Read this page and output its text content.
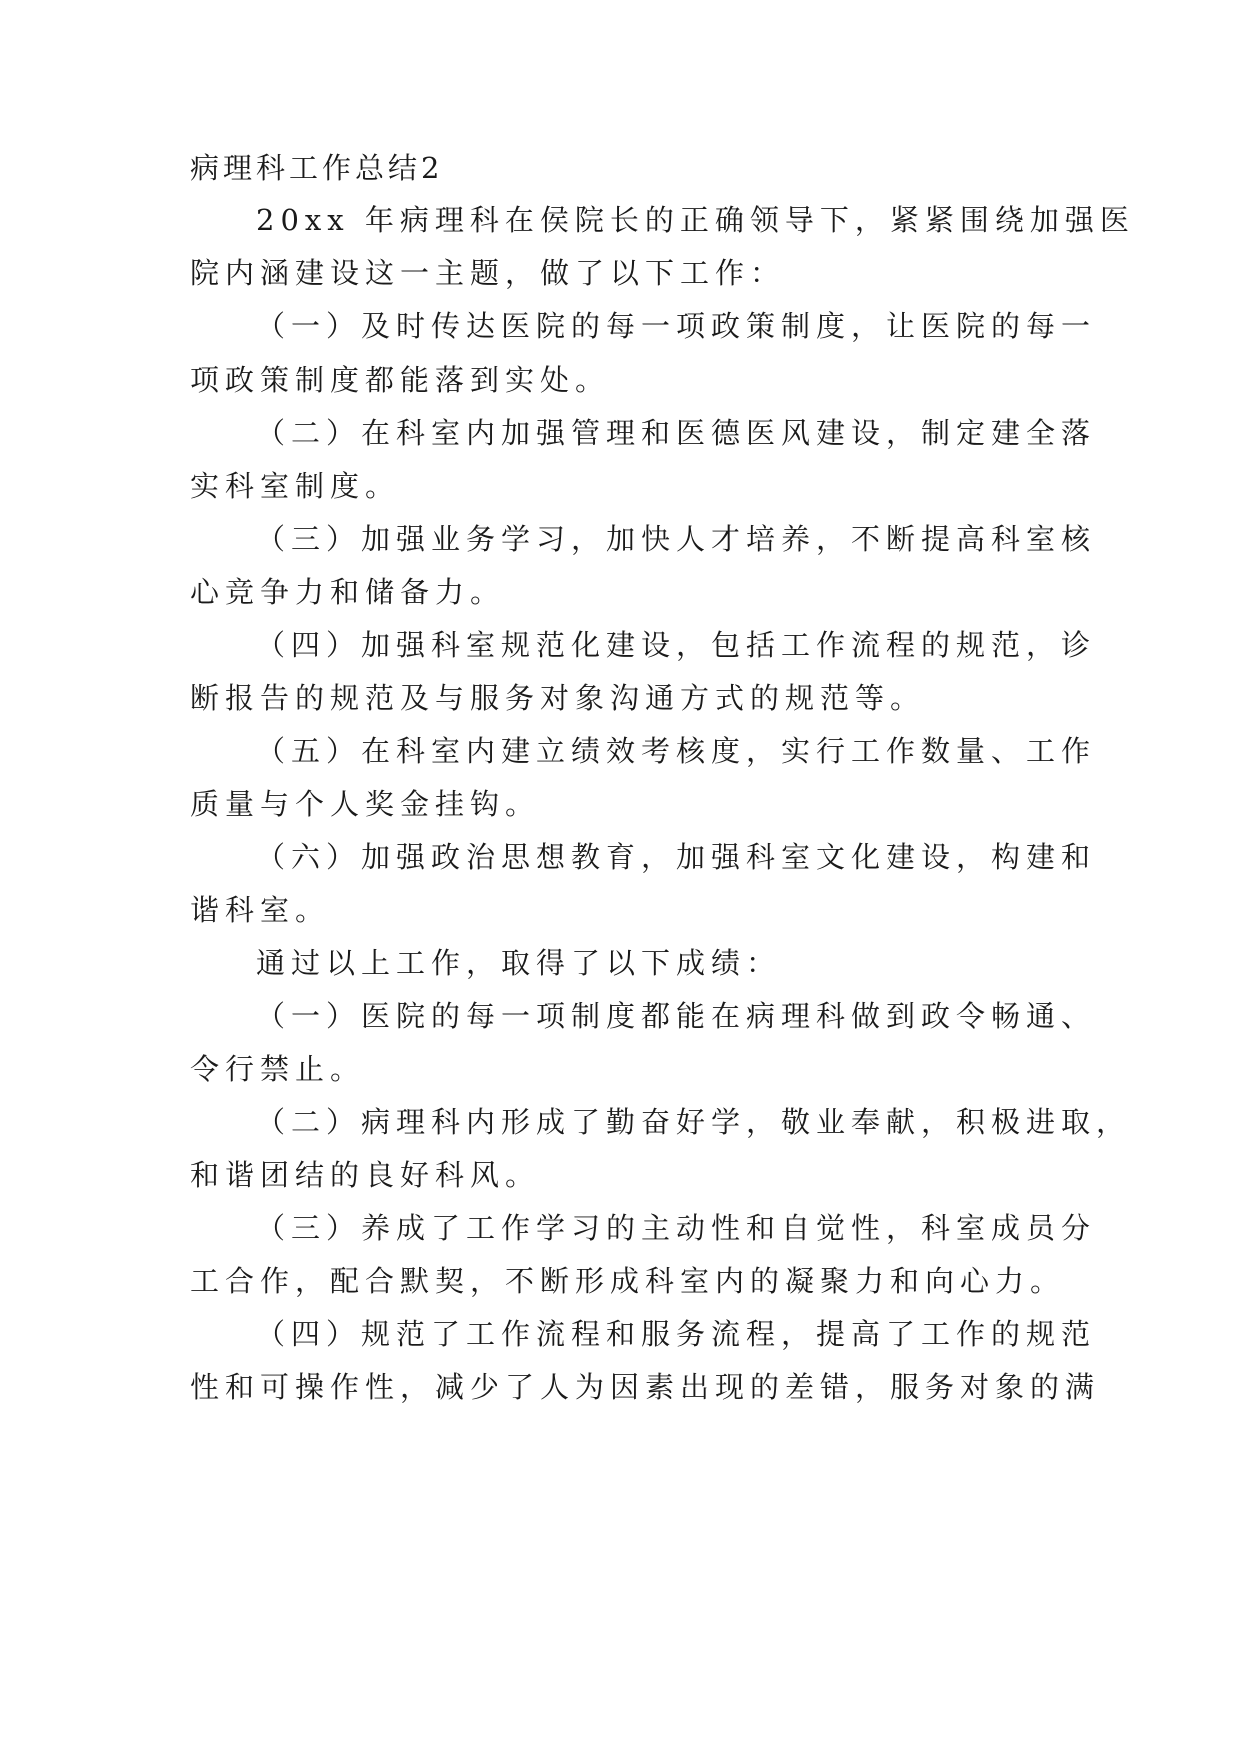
病理科工作总结2
20xx 年病理科在侯院长的正确领导下，紧紧围绕加强医
院内涵建设这一主题，做了以下工作：
（一）及时传达医院的每一项政策制度，让医院的每一
项政策制度都能落到实处。
（二）在科室内加强管理和医德医风建设，制定建全落
实科室制度。
（三）加强业务学习，加快人才培养，不断提高科室核
心竞争力和储备力。
（四）加强科室规范化建设，包括工作流程的规范，诊
断报告的规范及与服务对象沟通方式的规范等。
（五）在科室内建立绩效考核度，实行工作数量、工作
质量与个人奖金挂钩。
（六）加强政治思想教育，加强科室文化建设，构建和
谐科室。
通过以上工作，取得了以下成绩：
（一）医院的每一项制度都能在病理科做到政令畅通、
令行禁止。
（二）病理科内形成了勤奋好学，敬业奉献，积极进取，
和谐团结的良好科风。
（三）养成了工作学习的主动性和自觉性，科室成员分
工合作，配合默契，不断形成科室内的凝聚力和向心力。
（四）规范了工作流程和服务流程，提高了工作的规范
性和可操作性，减少了人为因素出现的差错，服务对象的满
